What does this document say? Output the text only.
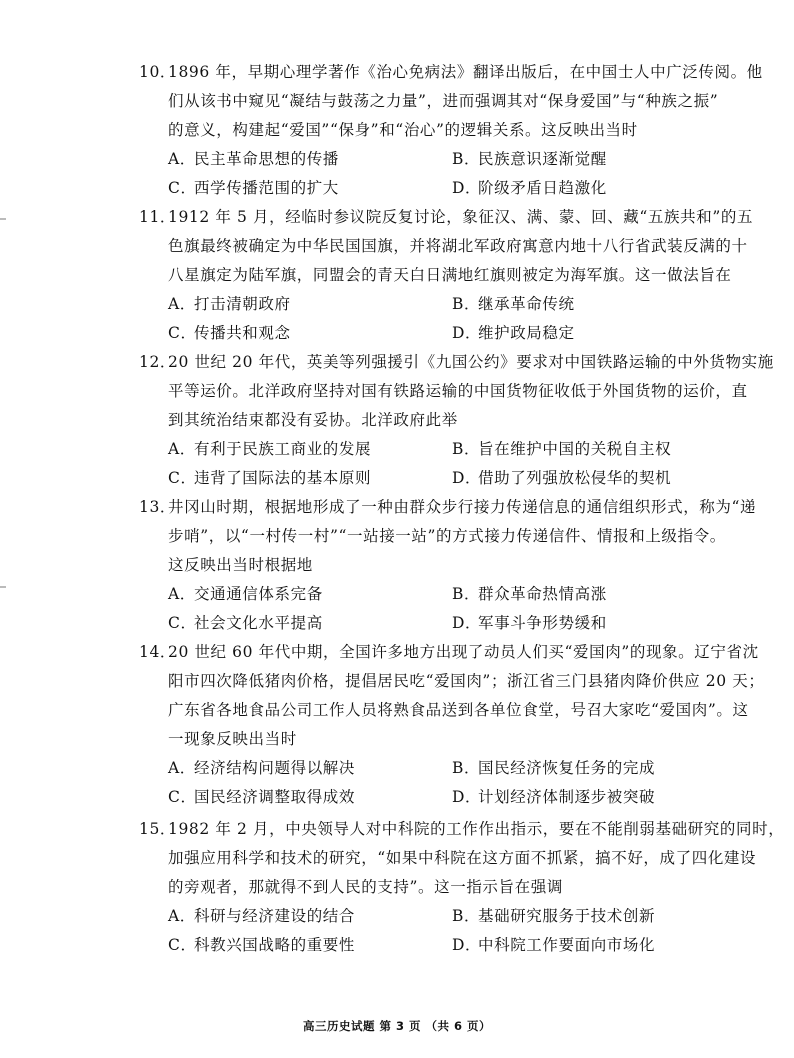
10．1896 年，早期心理学著作《治心免病法》翻译出版后，在中国士人中广泛传阅。他
们从该书中窥见“凝结与鼓荡之力量”，进而强调其对“保身爱国”与“种族之振”
的意义，构建起“爱国”“保身”和“治心”的逻辑关系。这反映出当时
A．民主革命思想的传播	B．民族意识逐渐觉醒
C．西学传播范围的扩大	D．阶级矛盾日趋激化
11．1912 年 5 月，经临时参议院反复讨论，象征汉、满、蒙、回、藏“五族共和”的五
色旗最终被确定为中华民国国旗，并将湖北军政府寓意内地十八行省武装反满的十
八星旗定为陆军旗，同盟会的青天白日满地红旗则被定为海军旗。这一做法旨在
A．打击清朝政府	B．继承革命传统
C．传播共和观念	D．维护政局稳定
12．20 世纪 20 年代，英美等列强援引《九国公约》要求对中国铁路运输的中外货物实施
平等运价。北洋政府坚持对国有铁路运输的中国货物征收低于外国货物的运价，直
到其统治结束都没有妥协。北洋政府此举
A．有利于民族工商业的发展	B．旨在维护中国的关税自主权
C．违背了国际法的基本原则	D．借助了列强放松侵华的契机
13．井冈山时期，根据地形成了一种由群众步行接力传递信息的通信组织形式，称为“递
步哨”，以“一村传一村”“一站接一站”的方式接力传递信件、情报和上级指令。
这反映出当时根据地
A．交通通信体系完备	B．群众革命热情高涨
C．社会文化水平提高	D．军事斗争形势缓和
14．20 世纪 60 年代中期，全国许多地方出现了动员人们买“爱国肉”的现象。辽宁省沈
阳市四次降低猪肉价格，提倡居民吃“爱国肉”；浙江省三门县猪肉降价供应 20 天；
广东省各地食品公司工作人员将熟食品送到各单位食堂，号召大家吃“爱国肉”。这
一现象反映出当时
A．经济结构问题得以解决	B．国民经济恢复任务的完成
C．国民经济调整取得成效	D．计划经济体制逐步被突破
15．1982 年 2 月，中央领导人对中科院的工作作出指示，要在不能削弱基础研究的同时，
加强应用科学和技术的研究，“如果中科院在这方面不抓紧，搞不好，成了四化建设
的旁观者，那就得不到人民的支持”。这一指示旨在强调
A．科研与经济建设的结合	B．基础研究服务于技术创新
C．科教兴国战略的重要性	D．中科院工作要面向市场化
高三历史试题 第 3 页 （共 6 页）
